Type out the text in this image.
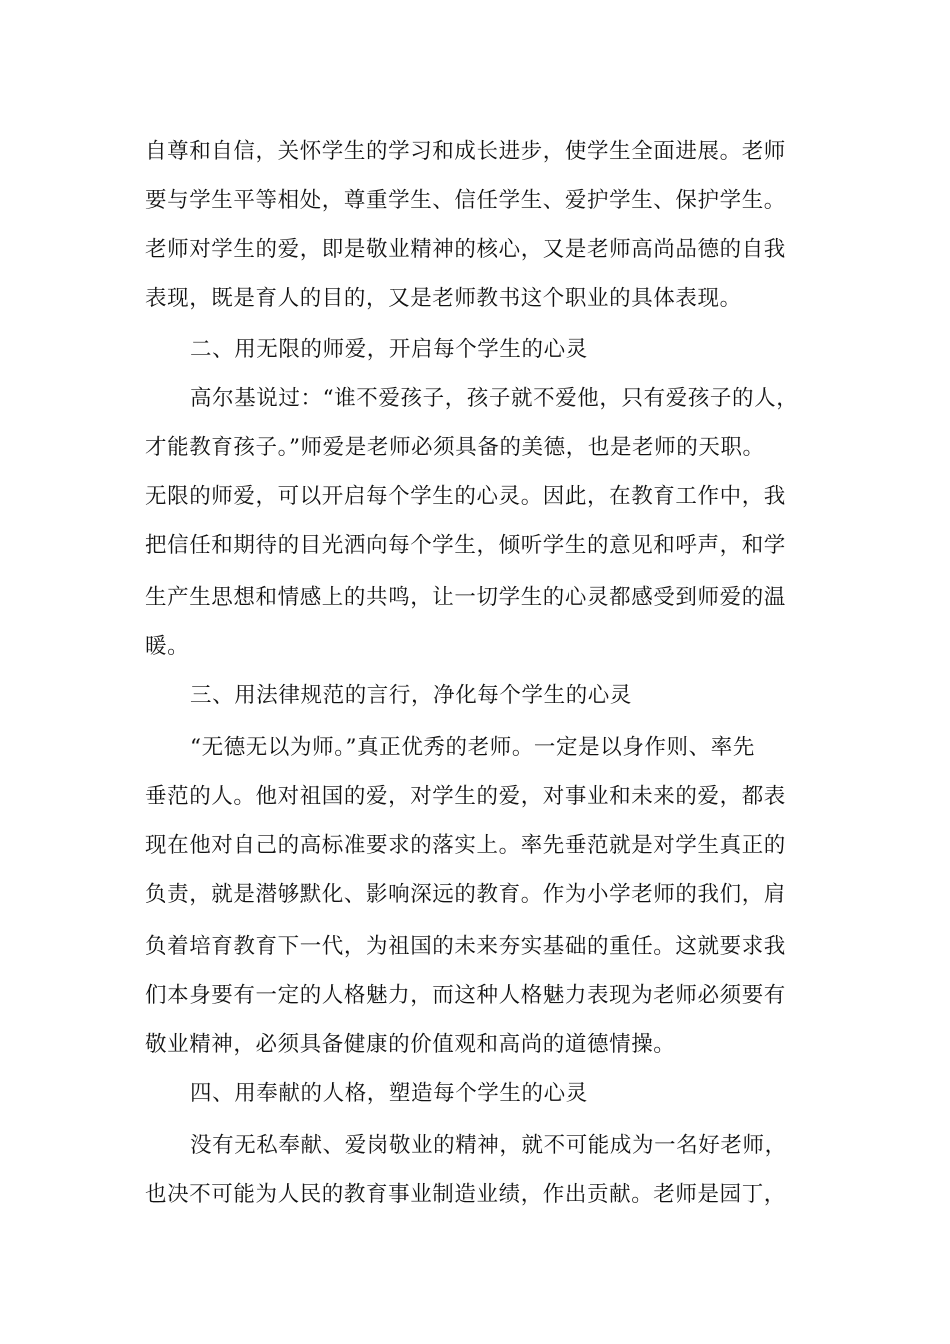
自尊和自信，关怀学生的学习和成长进步，使学生全面进展。老师
要与学生平等相处，尊重学生、信任学生、爱护学生、保护学生。
老师对学生的爱，即是敬业精神的核心，又是老师高尚品德的自我
表现，既是育人的目的，又是老师教书这个职业的具体表现。
二、用无限的师爱，开启每个学生的心灵
高尔基说过：“谁不爱孩子，孩子就不爱他，只有爱孩子的人，
才能教育孩子。”师爱是老师必须具备的美德，也是老师的天职。
无限的师爱，可以开启每个学生的心灵。因此，在教育工作中，我
把信任和期待的目光洒向每个学生，倾听学生的意见和呼声，和学
生产生思想和情感上的共鸣，让一切学生的心灵都感受到师爱的温
暖。
三、用法律规范的言行，净化每个学生的心灵
“无德无以为师。”真正优秀的老师。一定是以身作则、率先
垂范的人。他对祖国的爱，对学生的爱，对事业和未来的爱，都表
现在他对自己的高标准要求的落实上。率先垂范就是对学生真正的
负责，就是潜够默化、影响深远的教育。作为小学老师的我们，肩
负着培育教育下一代，为祖国的未来夯实基础的重任。这就要求我
们本身要有一定的人格魅力，而这种人格魅力表现为老师必须要有
敬业精神，必须具备健康的价值观和高尚的道德情操。
四、用奉献的人格，塑造每个学生的心灵
没有无私奉献、爱岗敬业的精神，就不可能成为一名好老师，
也决不可能为人民的教育事业制造业绩，作出贡献。老师是园丁，
